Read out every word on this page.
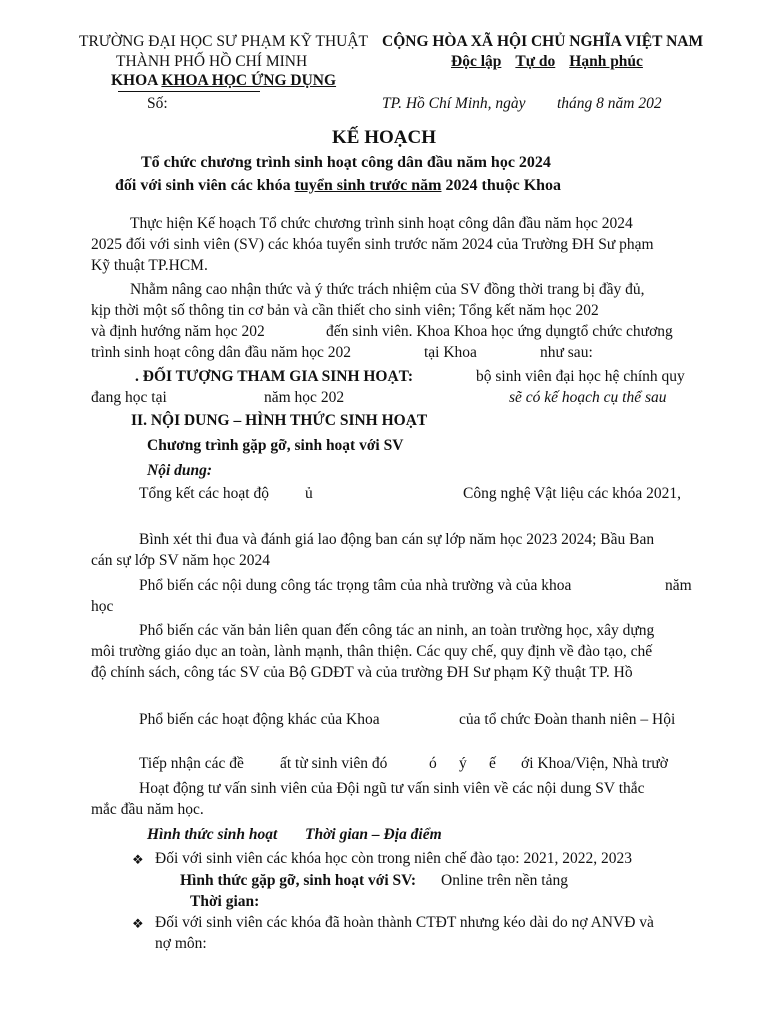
TRƯỜNG ĐẠI HỌC SƯ PHẠM KỸ THUẬT
THÀNH PHỐ HỒ CHÍ MINH
KHOA KHOA HỌC ỨNG DỤNG
Số:
CỘNG HÒA XÃ HỘI CHỦ NGHĨA VIỆT NAM
Độc lập Tự do Hạnh phúc
TP. Hồ Chí Minh, ngày tháng 8 năm 202
KẾ HOẠCH
Tổ chức chương trình sinh hoạt công dân đầu năm học 2024
đối với sinh viên các khóa tuyển sinh trước năm 2024 thuộc Khoa
Thực hiện Kế hoạch Tổ chức chương trình sinh hoạt công dân đầu năm học 2024
2025 đối với sinh viên (SV) các khóa tuyển sinh trước năm 2024 của Trường ĐH Sư phạm
Kỹ thuật TP.HCM.
Nhằm nâng cao nhận thức và ý thức trách nhiệm của SV đồng thời trang bị đầy đủ,
kịp thời một số thông tin cơ bản và cần thiết cho sinh viên; Tổng kết năm học 202
và định hướng năm học 202	đến sinh viên. Khoa Khoa học ứng dụngtổ chức chương
trình sinh hoạt công dân đầu năm học 202	tại Khoa	như sau:
. ĐỐI TƯỢNG THAM GIA SINH HOẠT:	bộ sinh viên đại học hệ chính quy
đang học tại	năm học 202	sẽ có kế hoạch cụ thể sau
II. NỘI DUNG – HÌNH THỨC SINH HOẠT
Chương trình gặp gỡ, sinh hoạt với SV
Nội dung:
Tổng kết các hoạt độ ủ	Công nghệ Vật liệu các khóa 2021,
Bình xét thi đua và đánh giá lao động ban cán sự lớp năm học 2023 2024; Bầu Ban
cán sự lớp SV năm học 2024
Phổ biến các nội dung công tác trọng tâm của nhà trường và của khoa	năm
học
Phổ biến các văn bản liên quan đến công tác an ninh, an toàn trường học, xây dựng
môi trường giáo dục an toàn, lành mạnh, thân thiện. Các quy chế, quy định về đào tạo, chế
độ chính sách, công tác SV của Bộ GDĐT và của trường ĐH Sư phạm Kỹ thuật TP. Hồ
Phổ biến các hoạt động khác của Khoa	của tổ chức Đoàn thanh niên – Hội
Tiếp nhận các đề ất từ sinh viên đó	ó ý ế ới Khoa/Viện, Nhà trườ
Hoạt động tư vấn sinh viên của Đội ngũ tư vấn sinh viên về các nội dung SV thắc
mắc đầu năm học.
Hình thức sinh hoạt Thời gian – Địa điểm
❖ Đối với sinh viên các khóa học còn trong niên chế đào tạo: 2021, 2022, 2023
Hình thức gặp gỡ, sinh hoạt với SV: Online trên nền tảng
Thời gian:
❖ Đối với sinh viên các khóa đã hoàn thành CTĐT nhưng kéo dài do nợ ANVĐ và
nợ môn:
